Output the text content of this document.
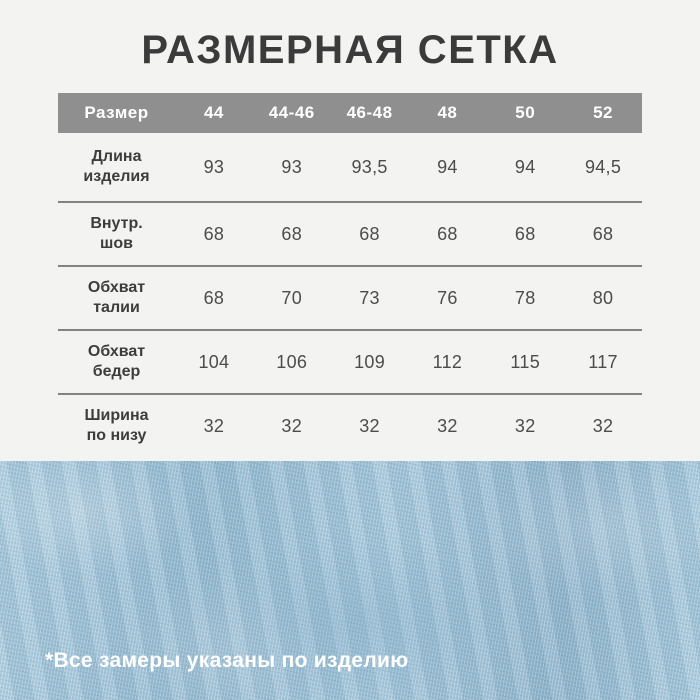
РАЗМЕРНАЯ СЕТКА
Размер	44	44-46	46-48	48	50	52
Длина
изделия	93	93	93,5	94	94	94,5
Внутр.
шов	68	68	68	68	68	68
Обхват
талии	68	70	73	76	78	80
Обхват
бедер	104	106	109	112	115	117
Ширина
по низу	32	32	32	32	32	32
*Все замеры указаны по изделию
